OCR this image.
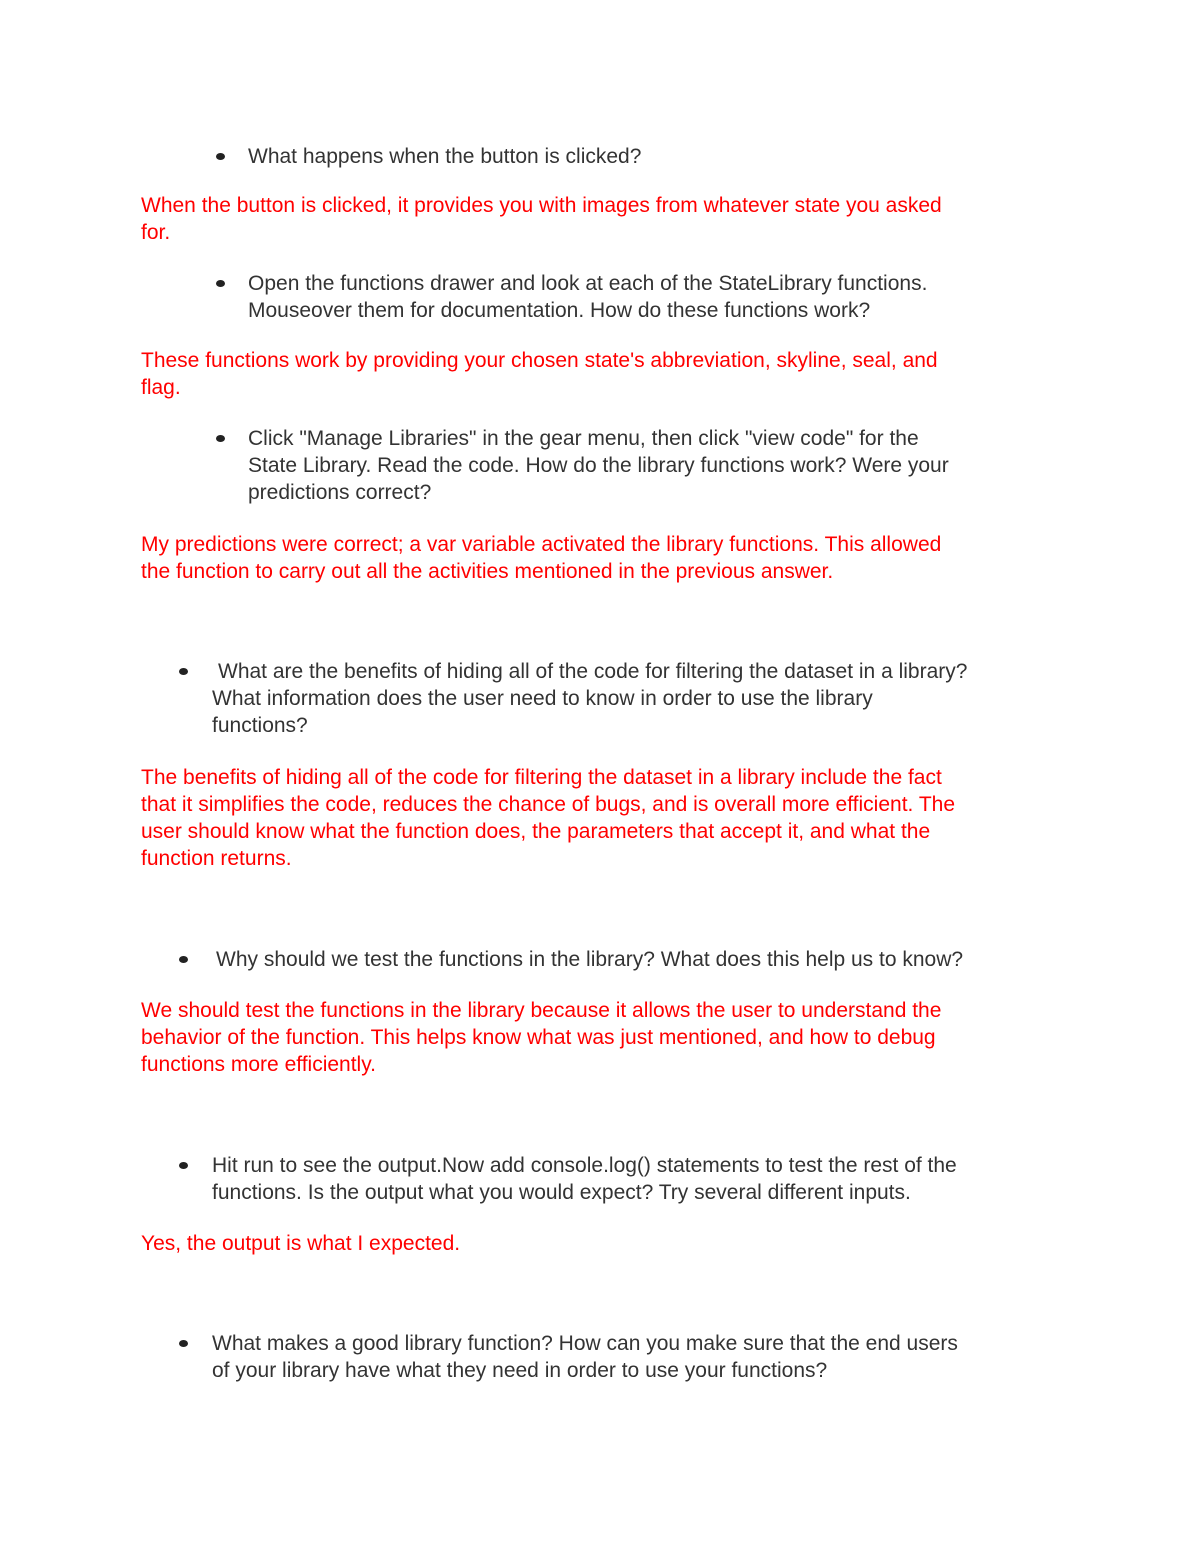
What happens when the button is clicked?
When the button is clicked, it provides you with images from whatever state you asked
for.
Open the functions drawer and look at each of the StateLibrary functions.
Mouseover them for documentation. How do these functions work?
These functions work by providing your chosen state's abbreviation, skyline, seal, and
flag.
Click "Manage Libraries" in the gear menu, then click "view code" for the
State Library. Read the code. How do the library functions work? Were your
predictions correct?
My predictions were correct; a var variable activated the library functions. This allowed
the function to carry out all the activities mentioned in the previous answer.
What are the benefits of hiding all of the code for filtering the dataset in a library?
What information does the user need to know in order to use the library
functions?
The benefits of hiding all of the code for filtering the dataset in a library include the fact
that it simplifies the code, reduces the chance of bugs, and is overall more efficient. The
user should know what the function does, the parameters that accept it, and what the
function returns.
Why should we test the functions in the library? What does this help us to know?
We should test the functions in the library because it allows the user to understand the
behavior of the function. This helps know what was just mentioned, and how to debug
functions more efficiently.
Hit run to see the output.Now add console.log() statements to test the rest of the
functions. Is the output what you would expect? Try several different inputs.
Yes, the output is what I expected.
What makes a good library function? How can you make sure that the end users
of your library have what they need in order to use your functions?
